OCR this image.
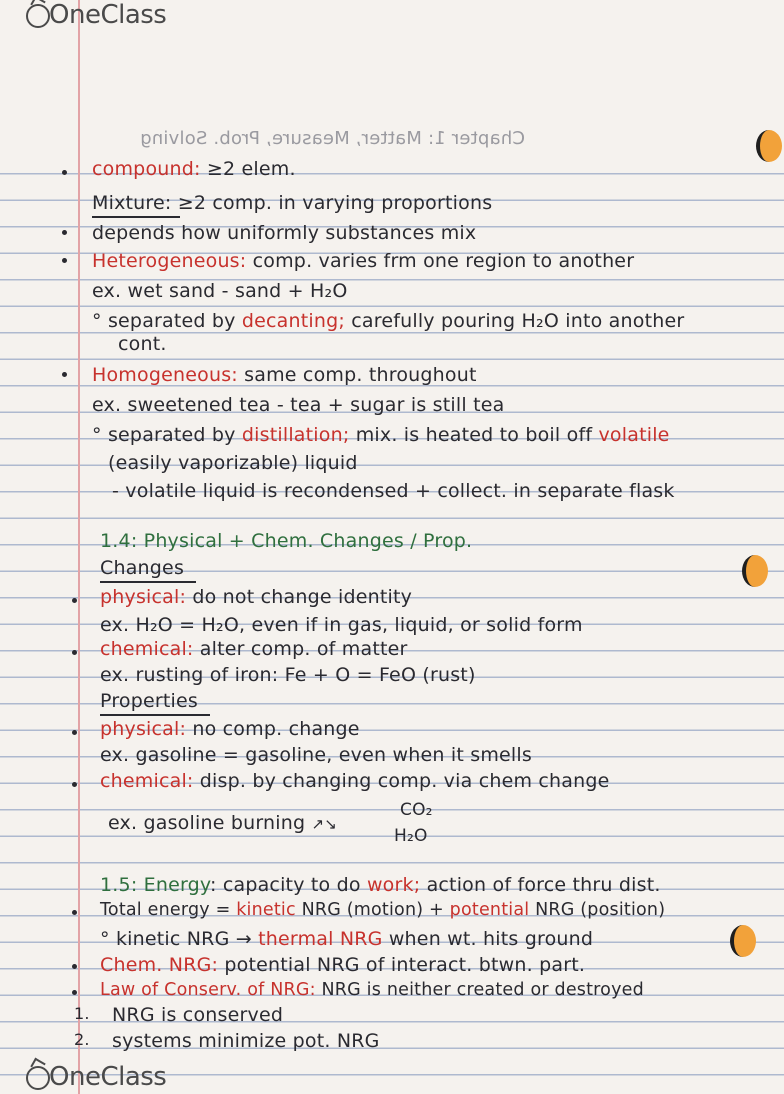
OneClass
Chapter 1: Matter, Measure, Prob. Solving
compound: ≥2 elem.
Mixture: ≥2 comp. in varying proportions
depends how uniformly substances mix
Heterogeneous: comp. varies frm one region to another
ex. wet sand - sand + H₂O
° separated by decanting; carefully pouring H₂O into another
cont.
Homogeneous: same comp. throughout
ex. sweetened tea - tea + sugar is still tea
° separated by distillation; mix. is heated to boil off volatile
(easily vaporizable) liquid
- volatile liquid is recondensed + collect. in separate flask
1.4: Physical + Chem. Changes / Prop.
Changes
physical: do not change identity
ex. H₂O = H₂O, even if in gas, liquid, or solid form
chemical: alter comp. of matter
ex. rusting of iron: Fe + O = FeO (rust)
Properties
physical: no comp. change
ex. gasoline = gasoline, even when it smells
chemical: disp. by changing comp. via chem change
ex. gasoline burning ↗↘
CO₂
H₂O
1.5: Energy: capacity to do work; action of force thru dist.
Total energy = kinetic NRG (motion) + potential NRG (position)
° kinetic NRG → thermal NRG when wt. hits ground
Chem. NRG: potential NRG of interact. btwn. part.
Law of Conserv. of NRG: NRG is neither created or destroyed
1. NRG is conserved
2. systems minimize pot. NRG
OneClass
